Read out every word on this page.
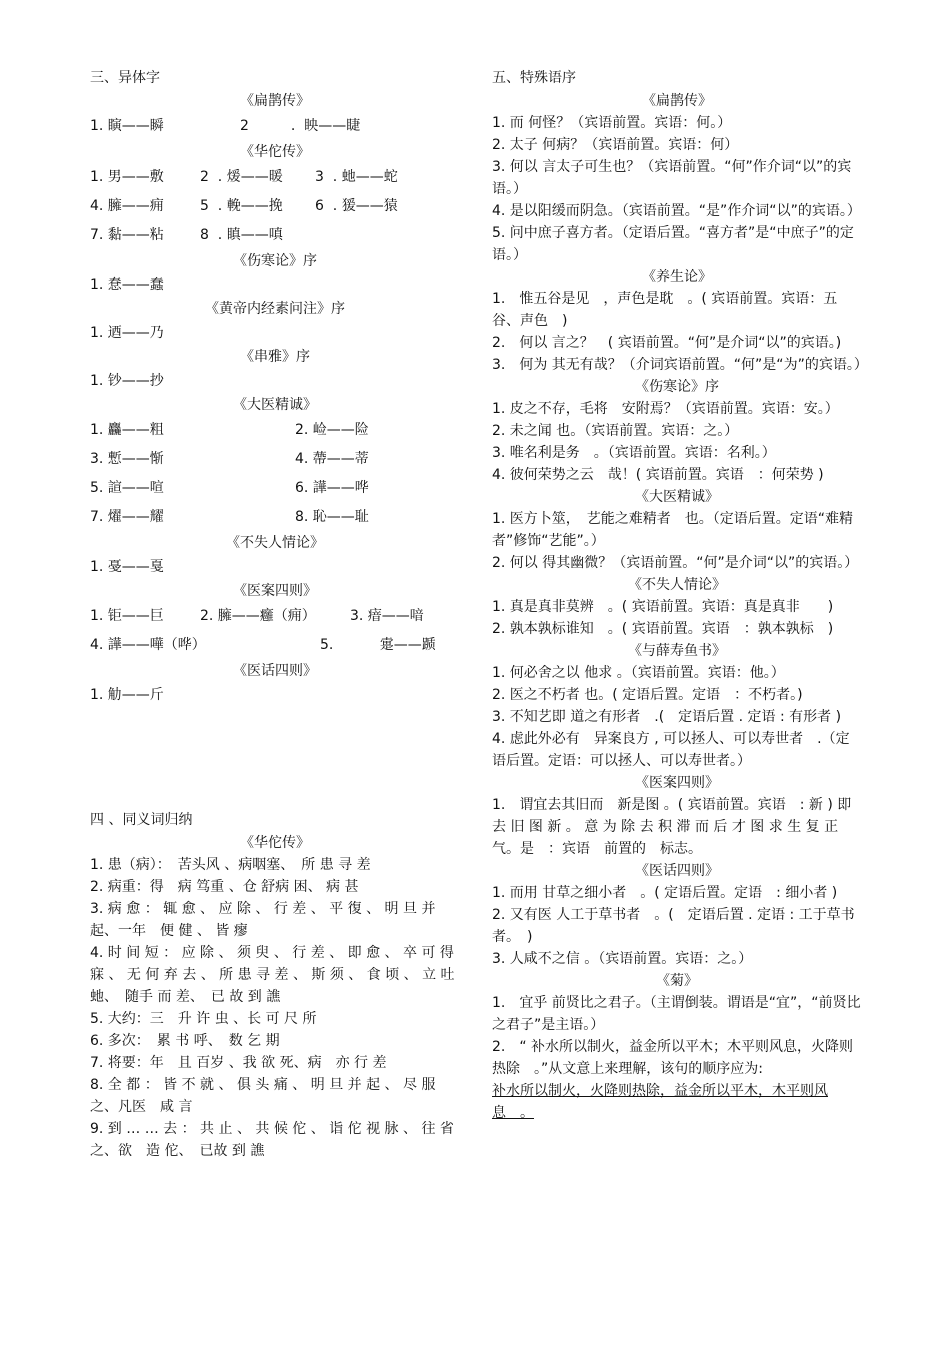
三、异体字
《扁鹊传》
1. 瞚——瞬	2　　　.  眏——睫
《华佗传》
1. 男——敷	2  . 煖——暖	3  . 虵——蛇
4. 臃——痈	5  . 輓——挽	6  . 猨——猿
7. 黏——粘	8  . 瞋——嗔
《伤寒论》序
1. 惷——蠢
《黄帝内经素问注》序
1. 迺——乃
《串雅》序
1. 钞——抄
《大医精诚》
1. 麤——粗	2. 崄——险
3. 慙——惭	4. 蔕——蒂
5. 諠——喧	6. 譁——哗
7. 燿——耀	8. 恥——耻
《不失人情论》
1. 戞——戛
《医案四则》
1. 钜——巨	2. 臃——癰（痈）	3. 瘖——喑
4. 譁——嘩（哗）	5.　　　 疐——踬
《医话四则》
1. 觔——斤
四 、同义词归纳
《华佗传》
1. 患（病）：　苦头风 、病咽塞、　所 患 寻 差
2. 病重：得　病 笃重 、仓 舒病 困、 病 甚
3. 病 愈 ： 辄 愈 、 应 除 、 行 差 、 平 復 、 明 旦 并 起、一年　便 健 、 皆 瘳
4. 时 间 短 ： 应 除 、 须 臾 、 行 差 、 即 愈 、 卒 可 得 寐 、 无 何 弃 去 、 所 患 寻 差 、 斯 须 、 食 顷 、 立 吐 虵、　随手 而 差、　已 故 到 譙
5. 大约：三　升 许 虫 、长 可 尺 所
6. 多次：　累 书 呼、　数 乞 期
7. 将要：年　且 百岁 、我 欲 死、病　亦 行 差
8. 全 都 ： 皆 不 就 、 俱 头 痛 、 明 旦 并 起 、 尽 服 之、凡医　咸 言
9. 到 … … 去 ： 共 止 、 共 候 佗 、 诣 佗 视 脉 、 往 省之、欲　造 佗、　已故 到 譙
五、特殊语序
《扁鹊传》
1. 而 何怪？（宾语前置。宾语：何。）
2. 太子 何病？（宾语前置。宾语：何）
3. 何以 言太子可生也？（宾语前置。“何”作介词“以”的宾语。）
4. 是以阳缓而阴急。（宾语前置。“是”作介词“以”的宾语。）
5. 问中庶子喜方者。（定语后置。“喜方者”是“中庶子”的定语。）
《养生论》
1.　惟五谷是见　，声色是耽　。( 宾语前置。宾语：五谷、声色　)
2.　何以 言之？　( 宾语前置。“何”是介词“以”的宾语。)
3.　何为 其无有哉？（介词宾语前置。“何”是“为”的宾语。）
《伤寒论》序
1. 皮之不存，毛将　安附焉？（宾语前置。宾语：安。）
2. 未之闻 也。（宾语前置。宾语：之。）
3. 唯名利是务　。（宾语前置。宾语：名利。）
4. 彼何荣势之云　哉！( 宾语前置。宾语　：何荣势 )
《大医精诚》
1. 医方卜筮，　艺能之难精者　也。（定语后置。定语“难精者”修饰“艺能”。）
2. 何以 得其幽微？（宾语前置。“何”是介词“以”的宾语。）
《不失人情论》
1. 真是真非莫辨　。( 宾语前置。宾语：真是真非　　)
2. 孰本孰标谁知　。( 宾语前置。宾语　：孰本孰标　)
《与薛寿鱼书》
1. 何必舍之以 他求 。（宾语前置。宾语：他。）
2. 医之不朽者 也。( 定语后置。定语　：不朽者。)
3. 不知艺即 道之有形者　.(　定语后置 . 定语 : 有形者 )
4. 虑此外必有　异案良方 , 可以拯人、可以寿世者　.（定语后置。定语：可以拯人、可以寿世者。）
《医案四则》
1.　谓宜去其旧而　新是图 。( 宾语前置。宾语　: 新 ) 即 去 旧 图 新 。 意 为 除 去 积 滞 而 后 才 图 求 生 复 正气。是　：宾语　前置的　标志。
《医话四则》
1. 而用 甘草之细小者　。( 定语后置。定语　: 细小者 )
2. 又有医 人工于草书者　。(　定语后置 . 定语 : 工于草书者。　)
3. 人咸不之信 。（宾语前置。宾语：之。）
《菊》
1.　宜乎 前贤比之君子。（主谓倒装。谓语是“宜”，“前贤比之君子”是主语。）
2.　“ 补水所以制火，益金所以平木；木平则风息，火降则热除　。”从文意上来理解，该句的顺序应为:
补水所以制火，火降则热除，益金所以平木，木平则风息　。
